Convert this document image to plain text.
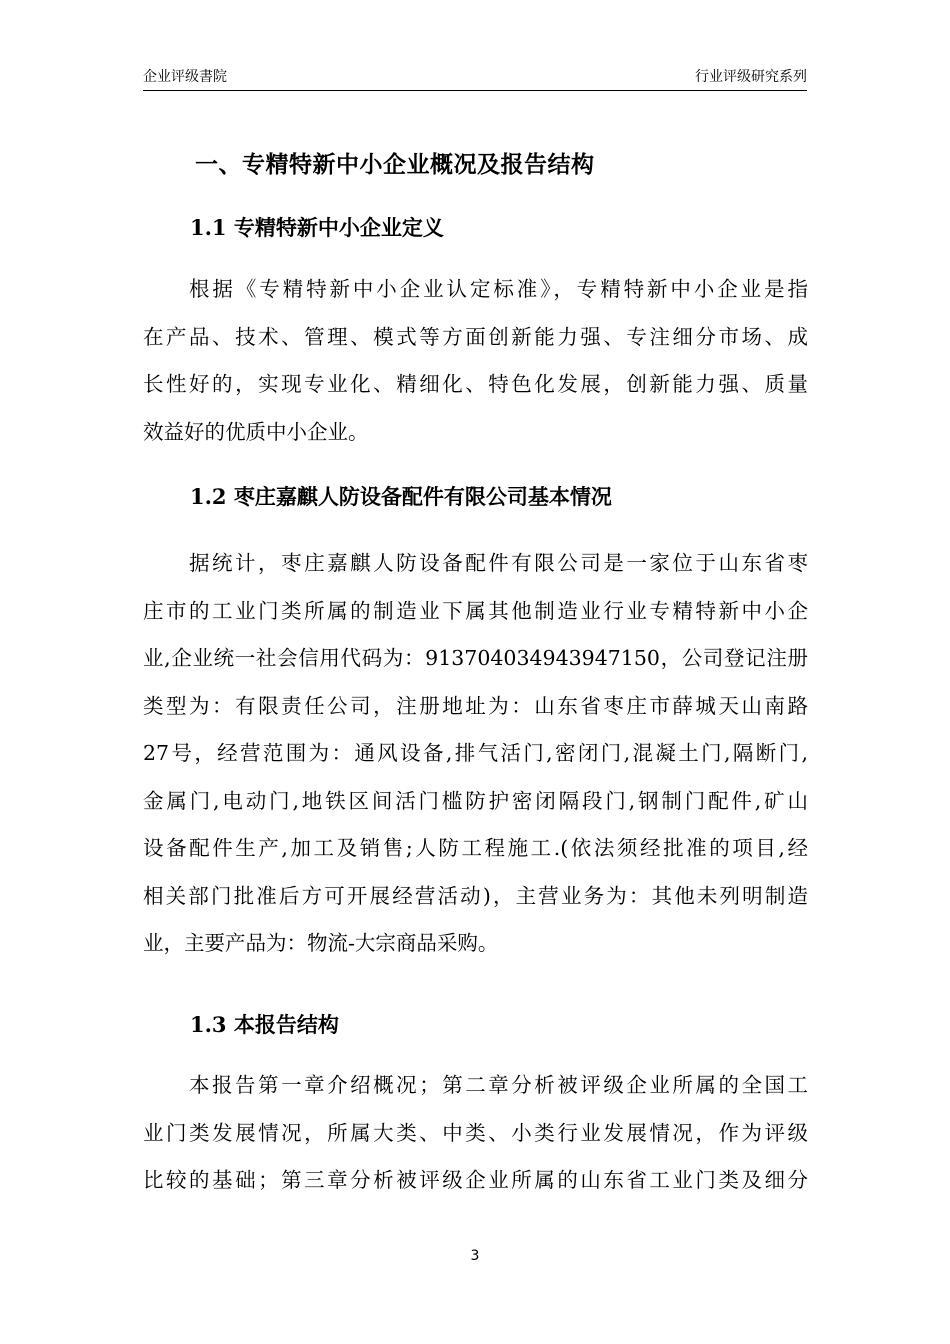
企业评级書院	行业评级研究系列
一、专精特新中小企业概况及报告结构
1.1 专精特新中小企业定义
根据《专精特新中小企业认定标准》，专精特新中小企业是指
在产品、技术、管理、模式等方面创新能力强、专注细分市场、成
长性好的，实现专业化、精细化、特色化发展，创新能力强、质量
效益好的优质中小企业。
1.2 枣庄嘉麒人防设备配件有限公司基本情况
据统计，枣庄嘉麒人防设备配件有限公司是一家位于山东省枣
庄市的工业门类所属的制造业下属其他制造业行业专精特新中小企
业,企业统一社会信用代码为：913704034943947150，公司登记注册
类型为：有限责任公司，注册地址为：山东省枣庄市薛城天山南路
27号，经营范围为：通风设备,排气活门,密闭门,混凝土门,隔断门,
金属门,电动门,地铁区间活门槛防护密闭隔段门,钢制门配件,矿山
设备配件生产,加工及销售;人防工程施工.(依法须经批准的项目,经
相关部门批准后方可开展经营活动)，主营业务为：其他未列明制造
业，主要产品为：物流-大宗商品采购。
1.3 本报告结构
本报告第一章介绍概况；第二章分析被评级企业所属的全国工
业门类发展情况，所属大类、中类、小类行业发展情况，作为评级
比较的基础；第三章分析被评级企业所属的山东省工业门类及细分
3
